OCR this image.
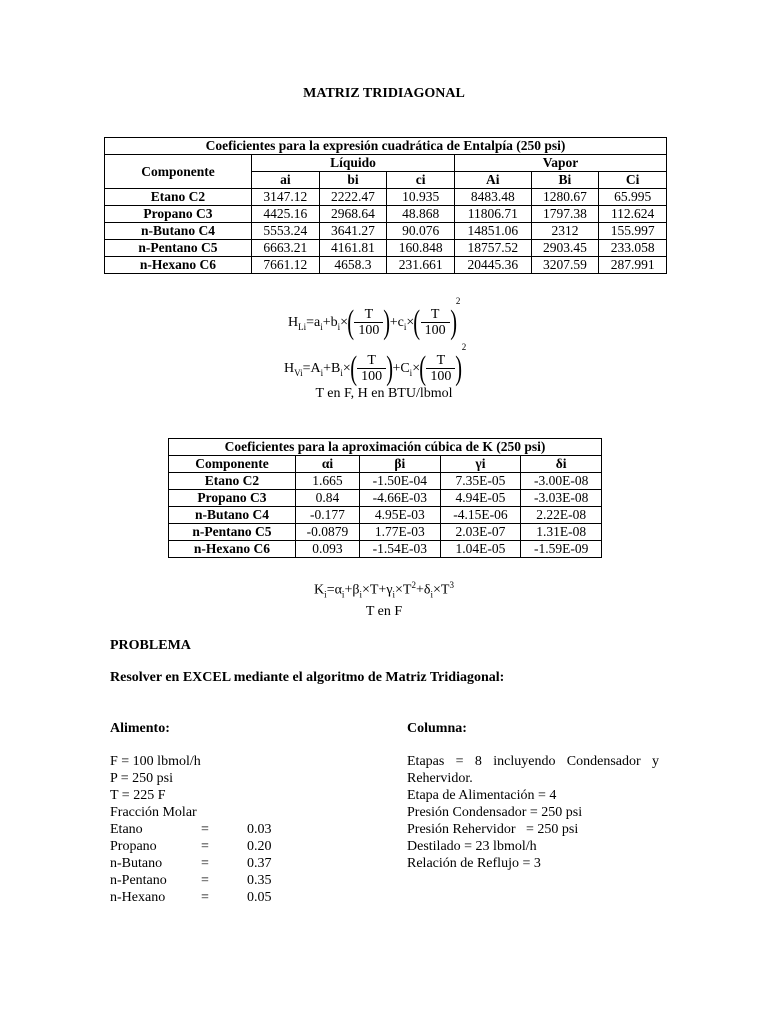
MATRIZ TRIDIAGONAL
Coeficientes para la expresión cuadrática de Entalpía (250 psi)						
Componente	Líquido			Vapor		
	ai	bi	ci	Ai	Bi	Ci
Etano C2	3147.12	2222.47	10.935	8483.48	1280.67	65.995
Propano C3	4425.16	2968.64	48.868	11806.71	1797.38	112.624
n-Butano C4	5553.24	3641.27	90.076	14851.06	2312	155.997
n-Pentano C5	6663.21	4161.81	160.848	18757.52	2903.45	233.058
n-Hexano C6	7661.12	4658.3	231.661	20445.36	3207.59	287.991
$H_{Li}=a_i+b_i\times( \frac{T}{100} )+c_i\times( \frac{T}{100} )^2$
$H_{Vi}=A_i+B_i\times( \frac{T}{100} )+C_i\times( \frac{T}{100} )^2$
T en F, H en BTU/lbmol
Coeficientes para la aproximación cúbica de K (250 psi)				
Componente	αi	βi	γi	δi
Etano C2	1.665	-1.50E-04	7.35E-05	-3.00E-08
Propano C3	0.84	-4.66E-03	4.94E-05	-3.03E-08
n-Butano C4	-0.177	4.95E-03	-4.15E-06	2.22E-08
n-Pentano C5	-0.0879	1.77E-03	2.03E-07	1.31E-08
n-Hexano C6	0.093	-1.54E-03	1.04E-05	-1.59E-09
$K_i=\alpha_i+\beta_i\times T+\gamma_i\times T^2+\delta_i\times T^3$
T en F
PROBLEMA
Resolver en EXCEL mediante el algoritmo de Matriz Tridiagonal:
Alimento:
F = 100 lbmol/h
P = 250 psi
T = 225 F
Fracción Molar
Etano	=	0.03
Propano	=	0.20
n-Butano	=	0.37
n-Pentano =	0.35
n-Hexano	=	0.05
Columna:
Etapas = 8 incluyendo Condensador y
Rehervidor.
Etapa de Alimentación = 4
Presión Condensador = 250 psi
Presión Rehervidor   = 250 psi
Destilado = 23 lbmol/h
Relación de Reflujo = 3
